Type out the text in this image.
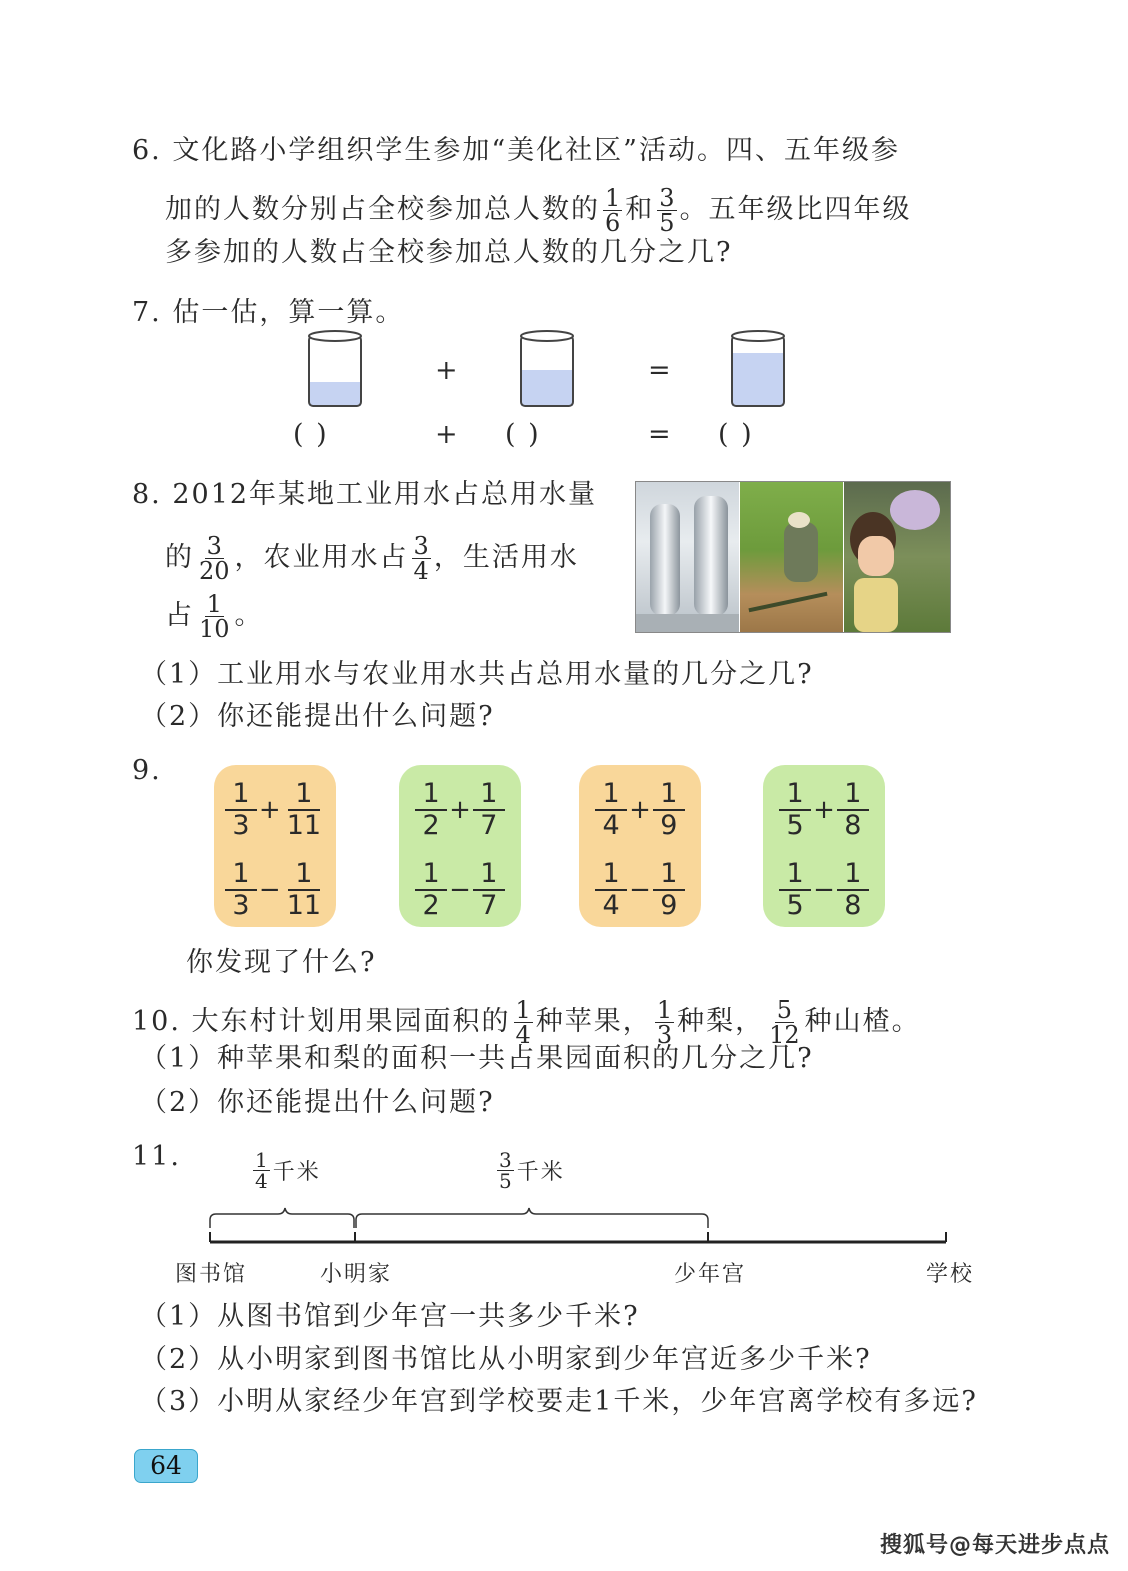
6. 文化路小学组织学生参加“美化社区”活动。四、五年级参
加的人数分别占全校参加总人数的 $\frac{1}{6}$ 和 $\frac{3}{5}$ 。五年级比四年级
多参加的人数占全校参加总人数的几分之几?
7. 估一估，算一算。
+	=
( )	+ ( )	= ( )
8. 2012年某地工业用水占总用水量
的 $\frac{3}{20}$ ，农业用水占 $\frac{3}{4}$ ，生活用水
占 $\frac{1}{10}$ 。
（1）工业用水与农业用水共占总用水量的几分之几?
（2）你还能提出什么问题?
9.
1
$3 + \frac{1}{11}$
1
$3 - \frac{1}{11}$
1
$2 + \frac{1}{7}$
1
$2 - \frac{1}{7}$
1
$4 + \frac{1}{9}$
1
$4 - \frac{1}{9}$
1
$5 + \frac{1}{8}$
1
$5 - \frac{1}{8}$
你发现了什么?
10. 大东村计划用果园面积的 $\frac{1}{4}$ 种苹果， $\frac{1}{3}$ 种梨， $\frac{5}{12}$ 种山楂。
（1）种苹果和梨的面积一共占果园面积的几分之几?
（2）你还能提出什么问题?
11.	$\frac{1}{4}$ 千米	$\frac{3}{5}$ 千米
图书馆	小明家	少年宫	学校
（1）从图书馆到少年宫一共多少千米?
（2）从小明家到图书馆比从小明家到少年宫近多少千米?
（3）小明从家经少年宫到学校要走1千米，少年宫离学校有多远?
64
搜狐号@每天进步点点
